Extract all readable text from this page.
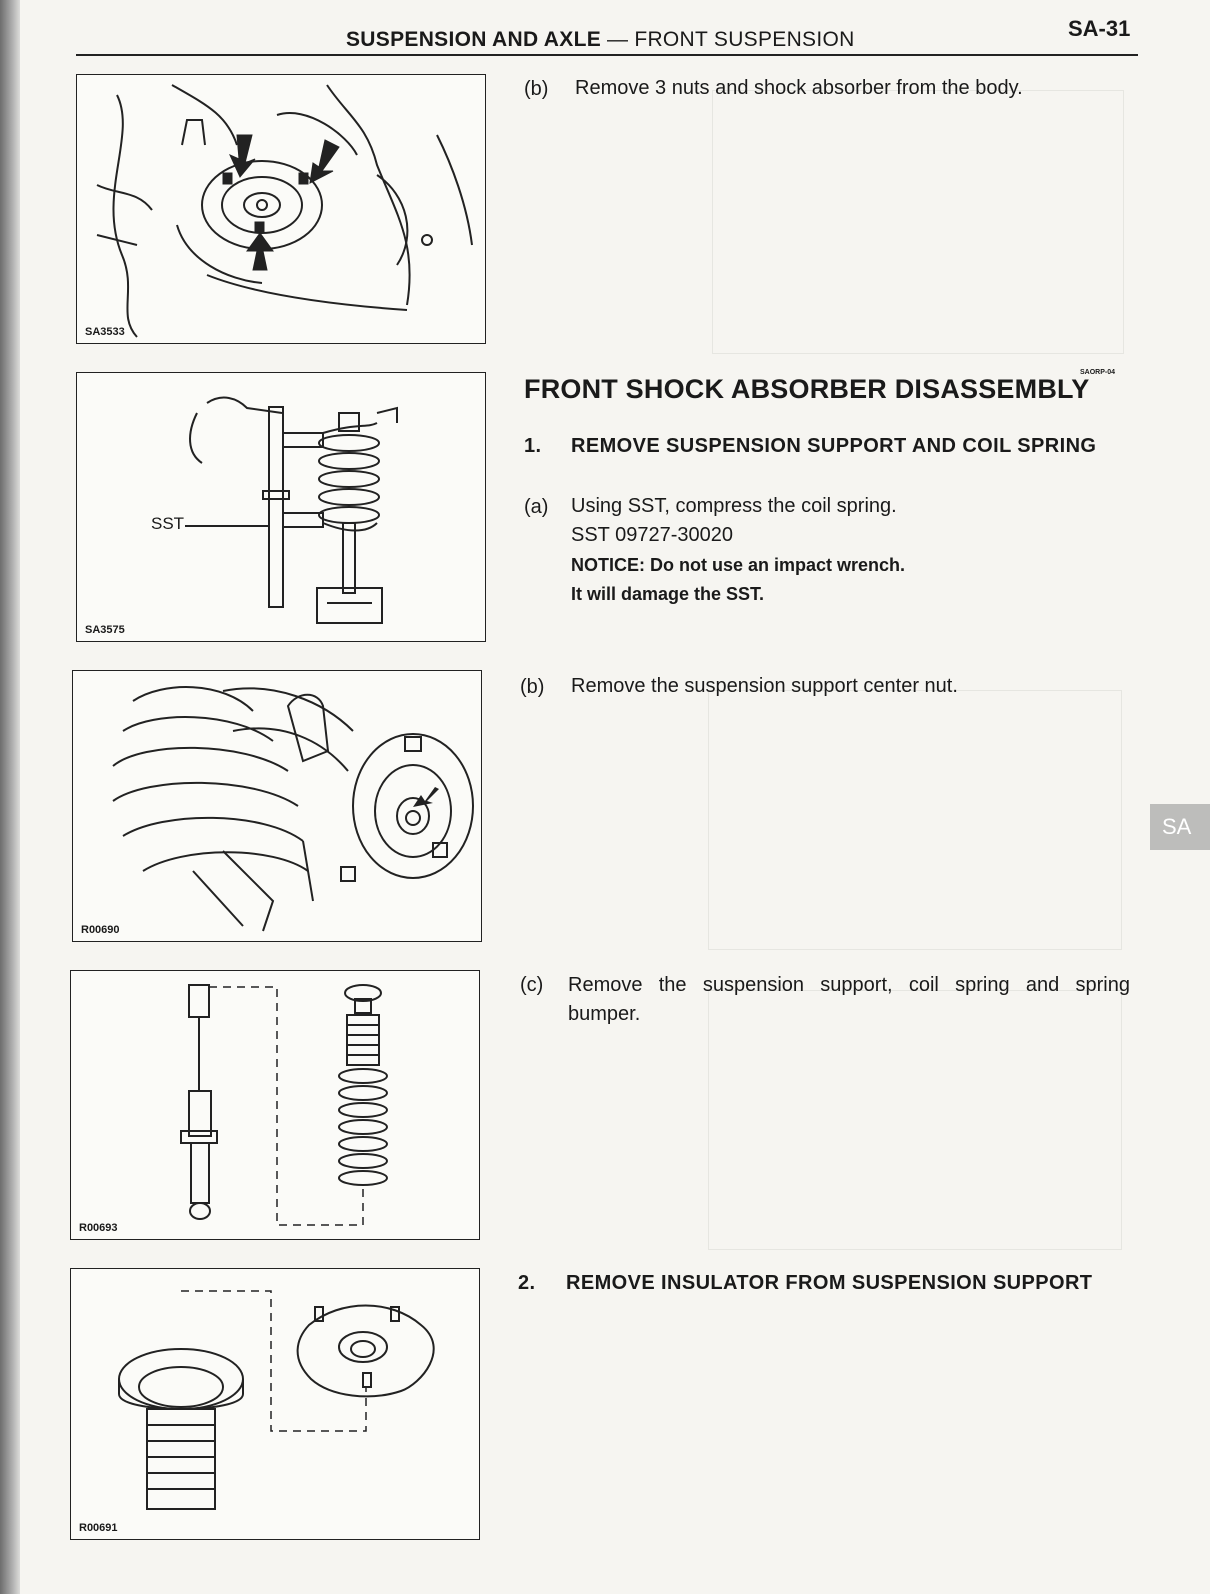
SUSPENSION AND AXLE — FRONT SUSPENSION	SA-31
SA3533
SST
SA3575
R00690
R00693
R00691
(b) Remove 3 nuts and shock absorber from the body.
FRONT SHOCK ABSORBER DISASSEMBLY
SAORP-04
1. REMOVE SUSPENSION SUPPORT AND COIL SPRING
(a) Using SST, compress the coil spring.
SST 09727-30020
NOTICE: Do not use an impact wrench.
It will damage the SST.
(b) Remove the suspension support center nut.
(c) Remove the suspension support, coil spring and spring bumper.
2. REMOVE INSULATOR FROM SUSPENSION SUPPORT
SA
